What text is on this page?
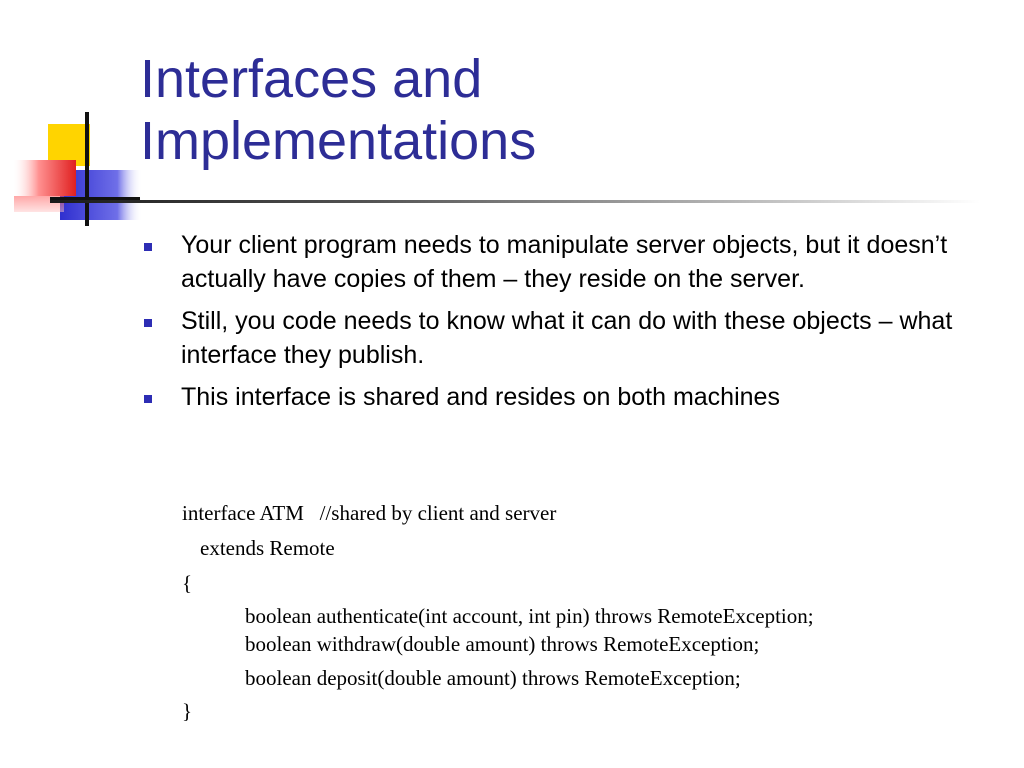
Interfaces and
Implementations
Your client program needs to manipulate server objects, but it doesn’t actually have copies of them – they reside on the server.
Still, you code needs to know what it can do with these objects – what interface they publish.
This interface is shared and resides on both machines
interface ATM   //shared by client and server
extends Remote
{
boolean authenticate(int account, int pin) throws RemoteException;
boolean withdraw(double amount) throws RemoteException;
boolean deposit(double amount) throws RemoteException;
}
